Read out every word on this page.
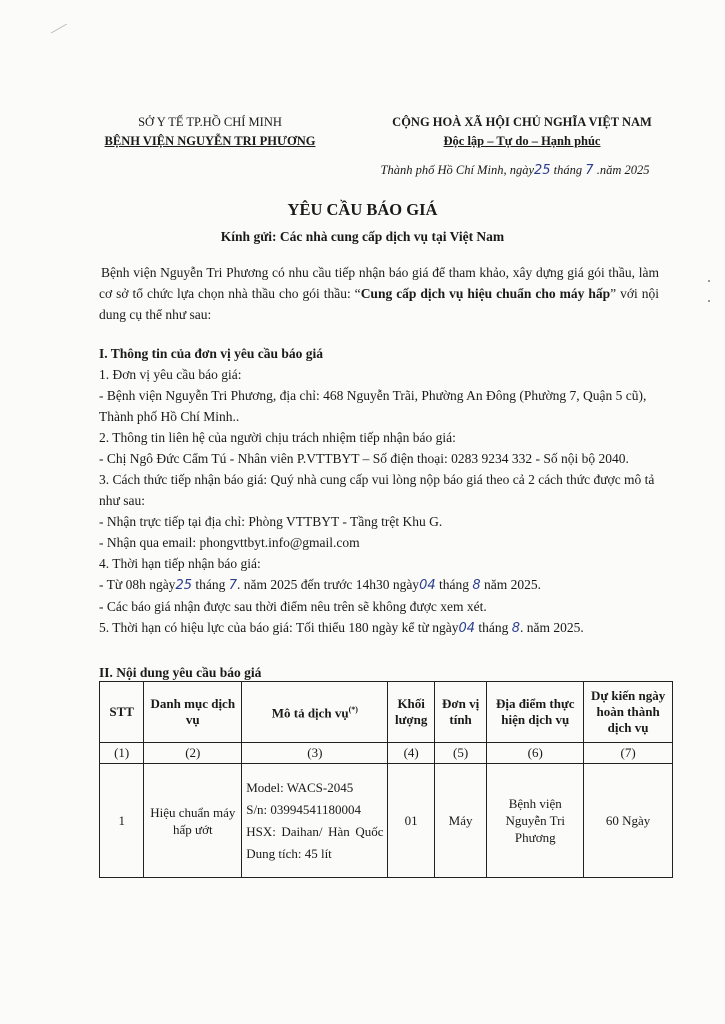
SỞ Y TẾ TP.HỒ CHÍ MINH
BỆNH VIỆN NGUYỄN TRI PHƯƠNG
CỘNG HOÀ XÃ HỘI CHỦ NGHĨA VIỆT NAM
Độc lập – Tự do – Hạnh phúc
Thành phố Hồ Chí Minh, ngày25 tháng 7 .năm 2025
YÊU CẦU BÁO GIÁ
Kính gửi: Các nhà cung cấp dịch vụ tại Việt Nam
Bệnh viện Nguyễn Tri Phương có nhu cầu tiếp nhận báo giá để tham khảo, xây dựng giá gói thầu, làm cơ sở tổ chức lựa chọn nhà thầu cho gói thầu: “Cung cấp dịch vụ hiệu chuẩn cho máy hấp” với nội dung cụ thể như sau:
I. Thông tin của đơn vị yêu cầu báo giá
1. Đơn vị yêu cầu báo giá:
- Bệnh viện Nguyễn Tri Phương, địa chỉ: 468 Nguyễn Trãi, Phường An Đông (Phường 7, Quận 5 cũ), Thành phố Hồ Chí Minh..
2. Thông tin liên hệ của người chịu trách nhiệm tiếp nhận báo giá:
- Chị Ngô Đức Cẩm Tú - Nhân viên P.VTTBYT – Số điện thoại: 0283 9234 332 - Số nội bộ 2040.
3. Cách thức tiếp nhận báo giá: Quý nhà cung cấp vui lòng nộp báo giá theo cả 2 cách thức được mô tả như sau:
- Nhận trực tiếp tại địa chỉ: Phòng VTTBYT - Tầng trệt Khu G.
- Nhận qua email: phongvttbyt.info@gmail.com
4. Thời hạn tiếp nhận báo giá:
- Từ 08h ngày25 tháng 7. năm 2025 đến trước 14h30 ngày04 tháng 8 năm 2025.
- Các báo giá nhận được sau thời điểm nêu trên sẽ không được xem xét.
5. Thời hạn có hiệu lực của báo giá: Tối thiểu 180 ngày kể từ ngày04 tháng 8. năm 2025.
II. Nội dung yêu cầu báo giá
STT	Danh mục dịch vụ	Mô tả dịch vụ(*)	Khối lượng	Đơn vị tính	Địa điểm thực hiện dịch vụ	Dự kiến ngày hoàn thành dịch vụ
(1)	(2)	(3)	(4)	(5)	(6)	(7)
1	Hiệu chuẩn máy hấp ướt	Model: WACS-2045
S/n: 03994541180004
HSX: Daihan/ Hàn Quốc
Dung tích: 45 lít	01	Máy	Bệnh viện Nguyễn Tri Phương	60 Ngày
